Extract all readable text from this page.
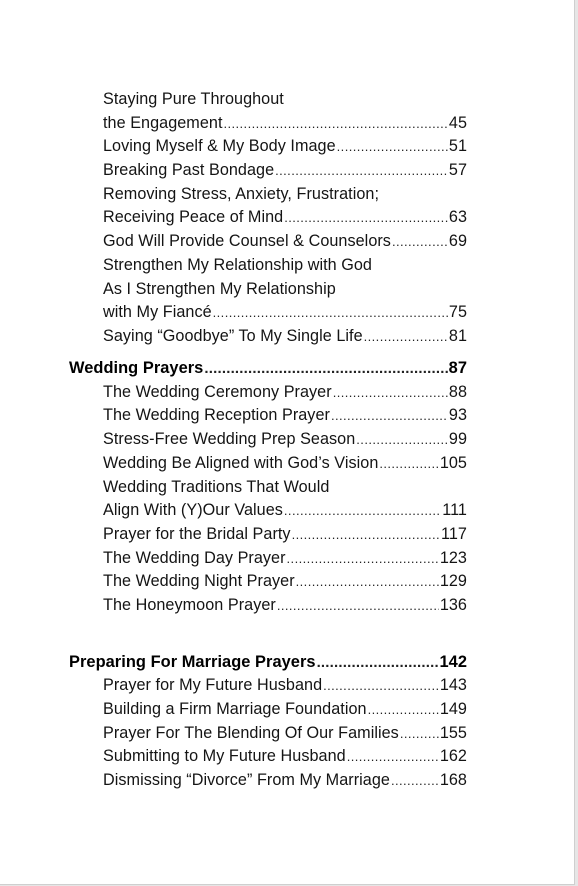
Staying Pure Throughout
the Engagement .....	45
Loving Myself & My Body Image .....	51
Breaking Past Bondage .....	57
Removing Stress, Anxiety, Frustration;
Receiving Peace of Mind .....	63
God Will Provide Counsel & Counselors .....	69
Strengthen My Relationship with God
As I Strengthen My Relationship
with My Fiancé .....	75
Saying “Goodbye” To My Single Life .....	81
Wedding Prayers .....	87
The Wedding Ceremony Prayer .....	88
The Wedding Reception Prayer .....	93
Stress-Free Wedding Prep Season .....	99
Wedding Be Aligned with God’s Vision .....	105
Wedding Traditions That Would
Align With (Y)Our Values .....	111
Prayer for the Bridal Party .....	117
The Wedding Day Prayer .....	123
The Wedding Night Prayer .....	129
The Honeymoon Prayer .....	136
Preparing For Marriage Prayers .....	142
Prayer for My Future Husband .....	143
Building a Firm Marriage Foundation .....	149
Prayer For The Blending Of Our Families .....	155
Submitting to My Future Husband .....	162
Dismissing “Divorce” From My Marriage .....	168
